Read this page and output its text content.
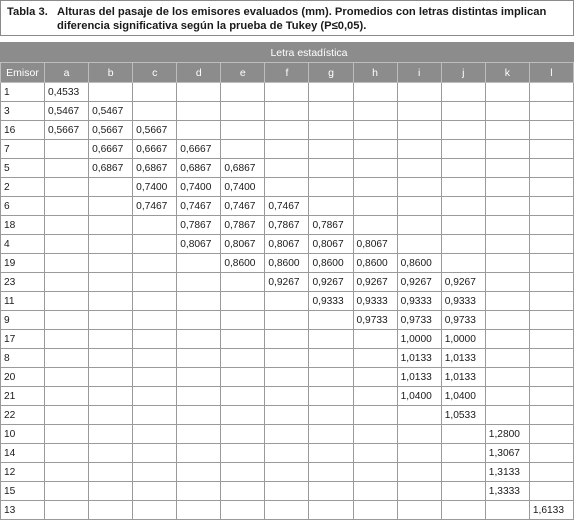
Tabla 3. Alturas del pasaje de los emisores evaluados (mm). Promedios con letras distintas implican diferencia significativa según la prueba de Tukey (P≤0,05).
	Letra estadística											
Emisor	a	b	c	d	e	f	g	h	i	j	k	l
1	0,4533											
3	0,5467	0,5467										
16	0,5667	0,5667	0,5667									
7		0,6667	0,6667	0,6667								
5		0,6867	0,6867	0,6867	0,6867							
2			0,7400	0,7400	0,7400							
6			0,7467	0,7467	0,7467	0,7467						
18				0,7867	0,7867	0,7867	0,7867					
4				0,8067	0,8067	0,8067	0,8067	0,8067				
19					0,8600	0,8600	0,8600	0,8600	0,8600			
23						0,9267	0,9267	0,9267	0,9267	0,9267		
11							0,9333	0,9333	0,9333	0,9333		
9								0,9733	0,9733	0,9733		
17									1,0000	1,0000		
8									1,0133	1,0133		
20									1,0133	1,0133		
21									1,0400	1,0400		
22										1,0533		
10											1,2800	
14											1,3067	
12											1,3133	
15											1,3333	
13												1,6133
